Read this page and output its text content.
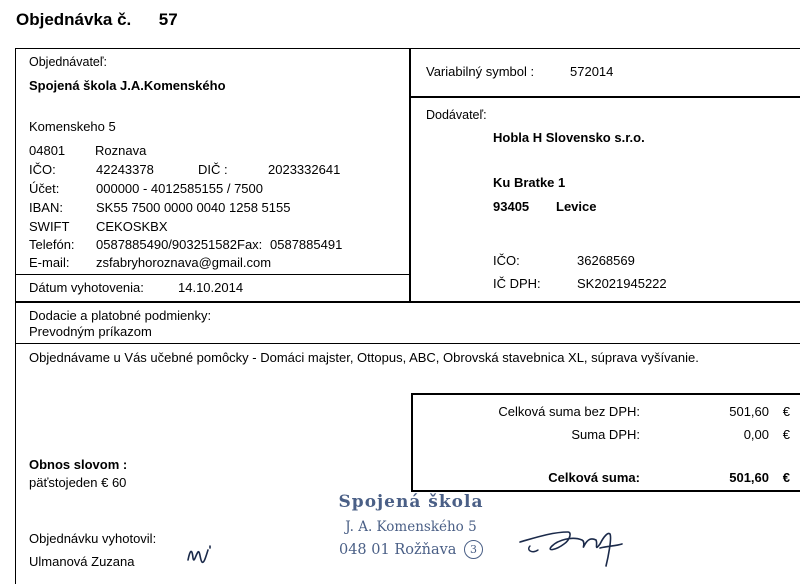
Objednávka č. 57
Objednávateľ:
Spojená škola J.A.Komenského
Komenskeho 5
04801 Roznava
IČO:	42243378	DIČ :	2023332641
Účet:	000000 - 4012585155 / 7500
IBAN:	SK55 7500 0000 0040 1258 5155
SWIFT CEKOSKBX
Telefón: 0587885490/903251582 Fax: 0587885491
E-mail: zsfabryhoroznava@gmail.com
Dátum vyhotovenia:	14.10.2014
Variabilný symbol :	572014
Dodávateľ:
Hobla H Slovensko s.r.o.
Ku Bratke 1
93405 Levice
IČO:	36268569
IČ DPH:	SK2021945222
Dodacie a platobné podmienky:
Prevodným príkazom
Objednávame u Vás učebné pomôcky - Domáci majster, Ottopus, ABC, Obrovská stavebnica XL, súprava vyšívanie.
Celková suma bez DPH:	501,60 €
Suma DPH:	0,00 €
Celková suma:	501,60 €
Obnos slovom :
päťstojeden € 60
Objednávku vyhotovil:
Ulmanová Zuzana
Spojená škola
J. A. Komenského 5
048 01 Rožňava 3
